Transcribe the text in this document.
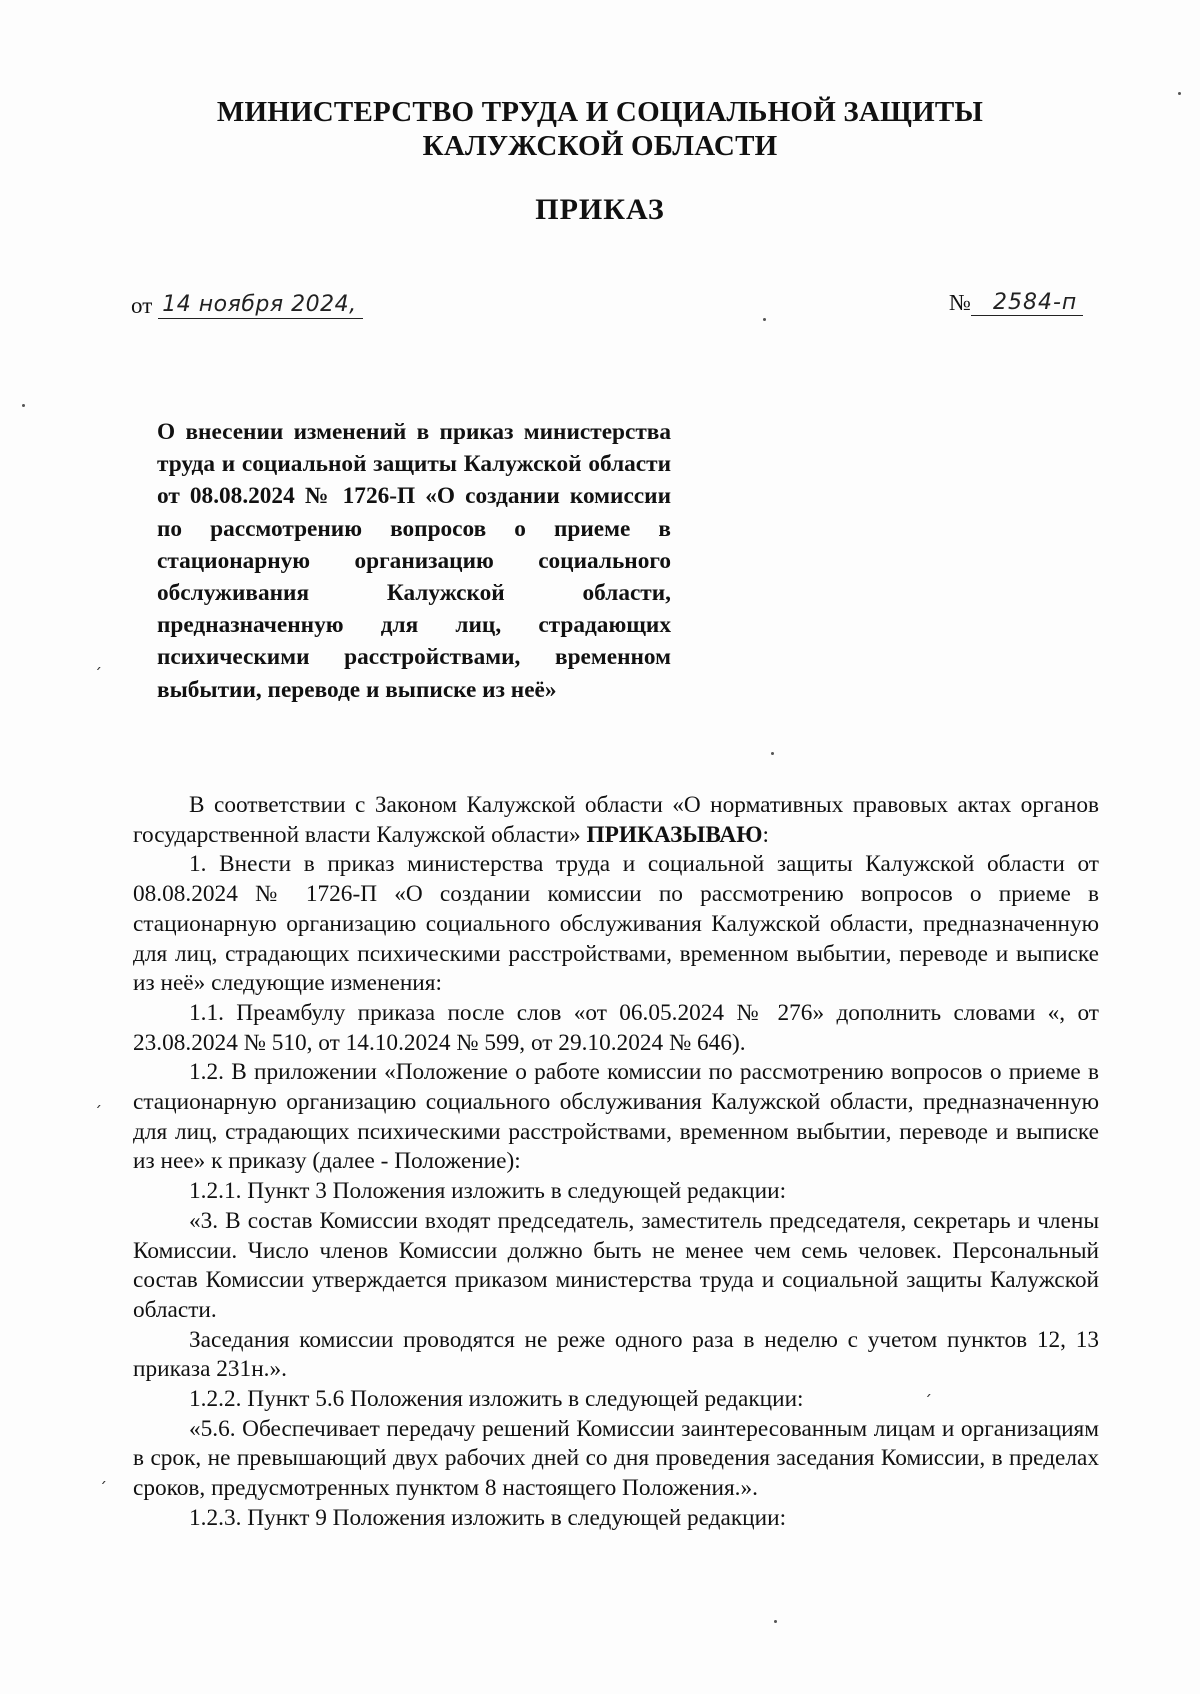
МИНИСТЕРСТВО ТРУДА И СОЦИАЛЬНОЙ ЗАЩИТЫ
КАЛУЖСКОЙ ОБЛАСТИ
ПРИКАЗ
от 14 ноября 2024,	№	2584-п
О внесении изменений в приказ министерства труда и социальной защиты Калужской области от 08.08.2024 № 1726-П «О создании комиссии по рассмотрению вопросов о приеме в стационарную организацию социального обслуживания Калужской области, предназначенную для лиц, страдающих психическими расстройствами, временном выбытии, переводе и выписке из неё»

В соответствии с Законом Калужской области «О нормативных правовых актах органов государственной власти Калужской области» ПРИКАЗЫВАЮ:

1. Внести в приказ министерства труда и социальной защиты Калужской области от 08.08.2024 № 1726-П «О создании комиссии по рассмотрению вопросов о приеме в стационарную организацию социального обслуживания Калужской области, предназначенную для лиц, страдающих психическими расстройствами, временном выбытии, переводе и выписке из неё» следующие изменения:

1.1. Преамбулу приказа после слов «от 06.05.2024 № 276» дополнить словами «, от 23.08.2024 № 510, от 14.10.2024 № 599, от 29.10.2024 № 646).

1.2. В приложении «Положение о работе комиссии по рассмотрению вопросов о приеме в стационарную организацию социального обслуживания Калужской области, предназначенную для лиц, страдающих психическими расстройствами, временном выбытии, переводе и выписке из нее» к приказу (далее - Положение):

1.2.1. Пункт 3 Положения изложить в следующей редакции:

«3. В состав Комиссии входят председатель, заместитель председателя, секретарь и члены Комиссии. Число членов Комиссии должно быть не менее чем семь человек. Персональный состав Комиссии утверждается приказом министерства труда и социальной защиты Калужской области.

Заседания комиссии проводятся не реже одного раза в неделю с учетом пунктов 12, 13 приказа 231н.».

1.2.2. Пункт 5.6 Положения изложить в следующей редакции:

«5.6. Обеспечивает передачу решений Комиссии заинтересованным лицам и организациям в срок, не превышающий двух рабочих дней со дня проведения заседания Комиссии, в пределах сроков, предусмотренных пунктом 8 настоящего Положения.».

1.2.3. Пункт 9 Положения изложить в следующей редакции:

ˏ
ˏ
ˏ
ˊ
